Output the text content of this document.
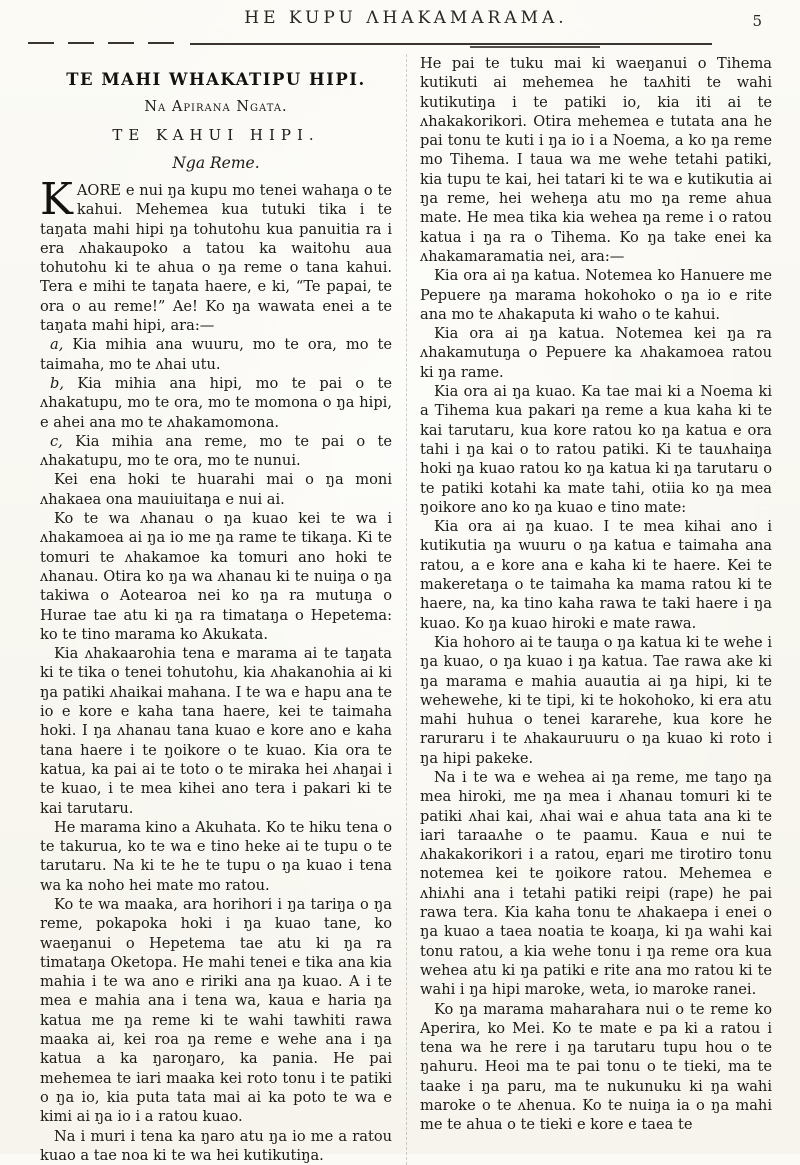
HE KUPU ΛHAKAMARAMA.	5
TE MAHI WHAKATIPU HIPI.
Na Apirana Ngata.
TE KAHUI HIPI.
Nga Reme.

KAORE e nui ŋa kupu mo tenei wahaŋa o te kahui. Mehemea kua tutuki tika i te taŋata mahi hipi ŋa tohutohu kua panuitia ra i era ʌhakaupoko a tatou ka waitohu aua tohutohu ki te ahua o ŋa reme o tana kahui. Tera e mihi te taŋata haere, e ki, “Te papai, te ora o au reme!” Ae! Ko ŋa wawata enei a te taŋata mahi hipi, ara:—

a, Kia mihia ana wuuru, mo te ora, mo te taimaha, mo te ʌhai utu.

b, Kia mihia ana hipi, mo te pai o te ʌhakatupu, mo te ora, mo te momona o ŋa hipi, e ahei ana mo te ʌhakamomona.

c, Kia mihia ana reme, mo te pai o te ʌhakatupu, mo te ora, mo te nunui.

Kei ena hoki te huarahi mai o ŋa moni ʌhakaea ona mauiuitaŋa e nui ai.

Ko te wa ʌhanau o ŋa kuao kei te wa i ʌhakamoea ai ŋa io me ŋa rame te tikaŋa. Ki te tomuri te ʌhakamoe ka tomuri ano hoki te ʌhanau. Otira ko ŋa wa ʌhanau ki te nuiŋa o ŋa takiwa o Aotearoa nei ko ŋa ra mutuŋa o Hurae tae atu ki ŋa ra timataŋa o Hepetema: ko te tino marama ko Akukata.

Kia ʌhakaarohia tena e marama ai te taŋata ki te tika o tenei tohutohu, kia ʌhakanohia ai ki ŋa patiki ʌhaikai mahana. I te wa e hapu ana te io e kore e kaha tana haere, kei te taimaha hoki. I ŋa ʌhanau tana kuao e kore ano e kaha tana haere i te ŋoikore o te kuao. Kia ora te katua, ka pai ai te toto o te miraka hei ʌhaŋai i te kuao, i te mea kihei ano tera i pakari ki te kai tarutaru.

He marama kino a Akuhata. Ko te hiku tena o te takurua, ko te wa e tino heke ai te tupu o te tarutaru. Na ki te he te tupu o ŋa kuao i tena wa ka noho hei mate mo ratou.

Ko te wa maaka, ara horihori i ŋa tariŋa o ŋa reme, pokapoka hoki i ŋa kuao tane, ko waeŋanui o Hepetema tae atu ki ŋa ra timataŋa Oketopa. He mahi tenei e tika ana kia mahia i te wa ano e ririki ana ŋa kuao. A i te mea e mahia ana i tena wa, kaua e haria ŋa katua me ŋa reme ki te wahi tawhiti rawa maaka ai, kei roa ŋa reme e wehe ana i ŋa katua a ka ŋaroŋaro, ka pania. He pai mehemea te iari maaka kei roto tonu i te patiki o ŋa io, kia puta tata mai ai ka poto te wa e kimi ai ŋa io i a ratou kuao.

Na i muri i tena ka ŋaro atu ŋa io me a ratou kuao a tae noa ki te wa hei kutikutiŋa.

He pai te tuku mai ki waeŋanui o Tihema kutikuti ai mehemea he taʌhiti te wahi kutikutiŋa i te patiki io, kia iti ai te ʌhakakorikori. Otira mehemea e tutata ana he pai tonu te kuti i ŋa io i a Noema, a ko ŋa reme mo Tihema. I taua wa me wehe tetahi patiki, kia tupu te kai, hei tatari ki te wa e kutikutia ai ŋa reme, hei weheŋa atu mo ŋa reme ahua mate. He mea tika kia wehea ŋa reme i o ratou katua i ŋa ra o Tihema. Ko ŋa take enei ka ʌhakamaramatia nei, ara:—

Kia ora ai ŋa katua. Notemea ko Hanuere me Pepuere ŋa marama hokohoko o ŋa io e rite ana mo te ʌhakaputa ki waho o te kahui.

Kia ora ai ŋa katua. Notemea kei ŋa ra ʌhakamutuŋa o Pepuere ka ʌhakamoea ratou ki ŋa rame.

Kia ora ai ŋa kuao. Ka tae mai ki a Noema ki a Tihema kua pakari ŋa reme a kua kaha ki te kai tarutaru, kua kore ratou ko ŋa katua e ora tahi i ŋa kai o to ratou patiki. Ki te tauʌhaiŋa hoki ŋa kuao ratou ko ŋa katua ki ŋa tarutaru o te patiki kotahi ka mate tahi, otiia ko ŋa mea ŋoikore ano ko ŋa kuao e tino mate:

Kia ora ai ŋa kuao. I te mea kihai ano i kutikutia ŋa wuuru o ŋa katua e taimaha ana ratou, a e kore ana e kaha ki te haere. Kei te makeretaŋa o te taimaha ka mama ratou ki te haere, na, ka tino kaha rawa te taki haere i ŋa kuao. Ko ŋa kuao hiroki e mate rawa.

Kia hohoro ai te tauŋa o ŋa katua ki te wehe i ŋa kuao, o ŋa kuao i ŋa katua. Tae rawa ake ki ŋa marama e mahia auautia ai ŋa hipi, ki te wehewehe, ki te tipi, ki te hokohoko, ki era atu mahi huhua o tenei kararehe, kua kore he raruraru i te ʌhakauruuru o ŋa kuao ki roto i ŋa hipi pakeke.

Na i te wa e wehea ai ŋa reme, me taŋo ŋa mea hiroki, me ŋa mea i ʌhanau tomuri ki te patiki ʌhai kai, ʌhai wai e ahua tata ana ki te iari taraaʌhe o te paamu. Kaua e nui te ʌhakakorikori i a ratou, eŋari me tirotiro tonu notemea kei te ŋoikore ratou. Mehemea e ʌhiʌhi ana i tetahi patiki reipi (rape) he pai rawa tera. Kia kaha tonu te ʌhakaepa i enei o ŋa kuao a taea noatia te koaŋa, ki ŋa wahi kai tonu ratou, a kia wehe tonu i ŋa reme ora kua wehea atu ki ŋa patiki e rite ana mo ratou ki te wahi i ŋa hipi maroke, weta, io maroke ranei.

Ko ŋa marama maharahara nui o te reme ko Aperira, ko Mei. Ko te mate e pa ki a ratou i tena wa he rere i ŋa tarutaru tupu hou o te ŋahuru. Heoi ma te pai tonu o te tieki, ma te taake i ŋa paru, ma te nukunuku ki ŋa wahi maroke o te ʌhenua. Ko te nuiŋa ia o ŋa mahi me te ahua o te tieki e kore e taea te
